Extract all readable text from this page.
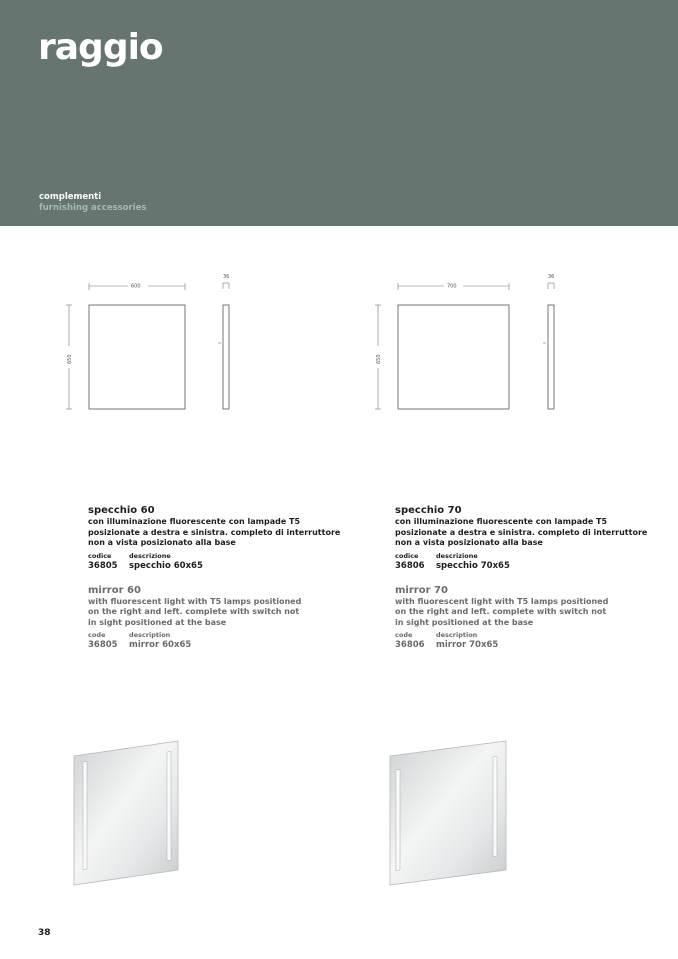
raggio
complementi
furnishing accessories
600
650
36
700
650
36

specchio 60

con illuminazione fluorescente con lampade T5
posizionate a destra e sinistra. completo di interruttore
non a vista posizionato alla base

codice	descrizione
36805	specchio 60x65

mirror 60

with fluorescent light with T5 lamps positioned
on the right and left. complete with switch not
in sight positioned at the base

code	description
36805	mirror 60x65

specchio 70

con illuminazione fluorescente con lampade T5
posizionate a destra e sinistra. completo di interruttore
non a vista posizionato alla base

codice	descrizione
36806	specchio 70x65

mirror 70

with fluorescent light with T5 lamps positioned
on the right and left. complete with switch not
in sight positioned at the base

code	description
36806	mirror 70x65
38
